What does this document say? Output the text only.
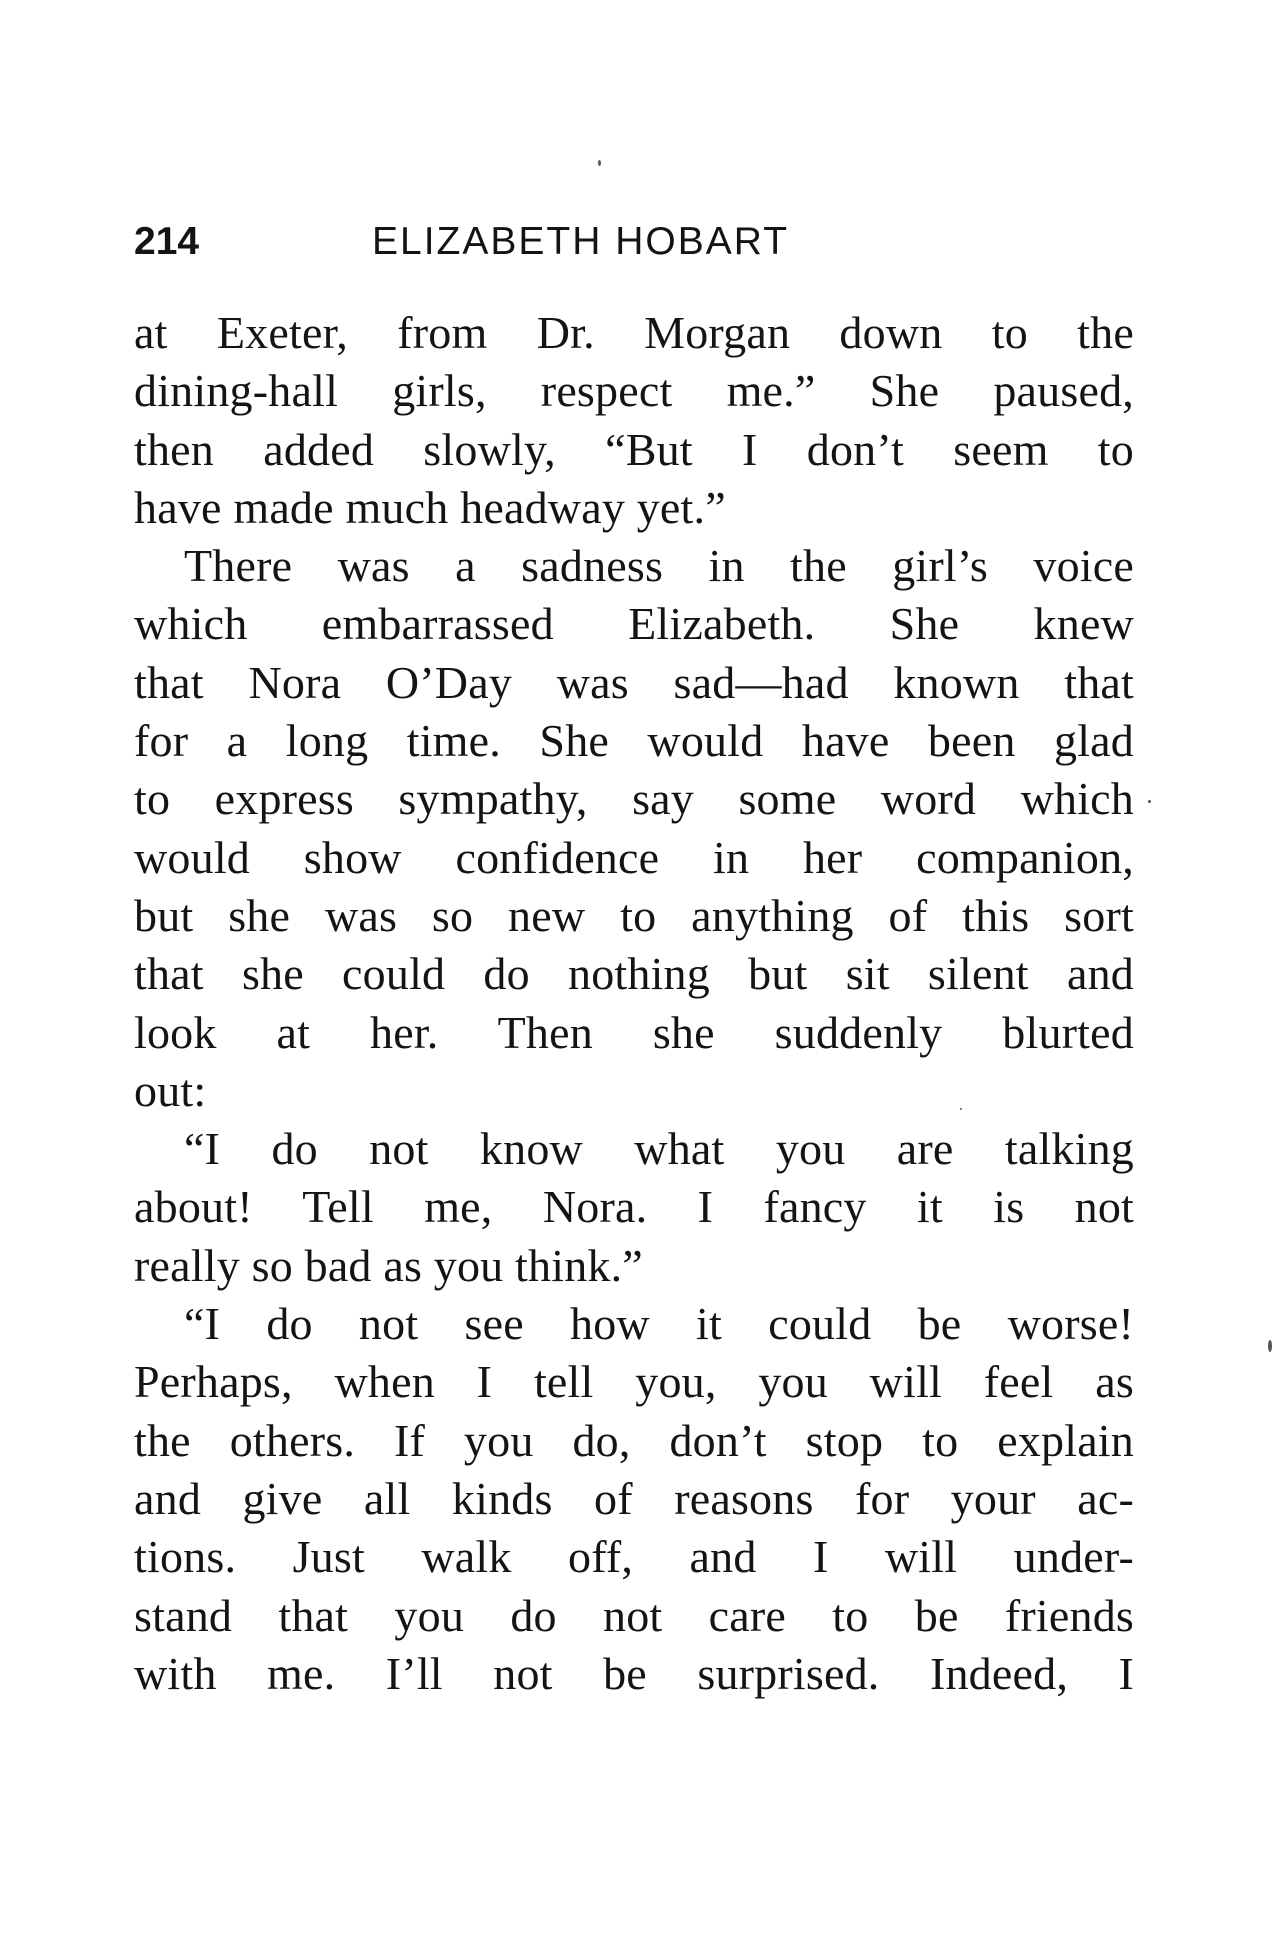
214	ELIZABETH HOBART
at Exeter, from Dr. Morgan down to the
dining-hall girls, respect me.” She paused,
then added slowly, “But I don’t seem to
have made much headway yet.”
There was a sadness in the girl’s voice
which embarrassed Elizabeth. She knew
that Nora O’Day was sad—had known that
for a long time. She would have been glad
to express sympathy, say some word which
would show confidence in her companion,
but she was so new to anything of this sort
that she could do nothing but sit silent and
look at her. Then she suddenly blurted
out:
“I do not know what you are talking
about! Tell me, Nora. I fancy it is not
really so bad as you think.”
“I do not see how it could be worse!
Perhaps, when I tell you, you will feel as
the others. If you do, don’t stop to explain
and give all kinds of reasons for your ac-
tions. Just walk off, and I will under-
stand that you do not care to be friends
with me. I’ll not be surprised. Indeed, I
